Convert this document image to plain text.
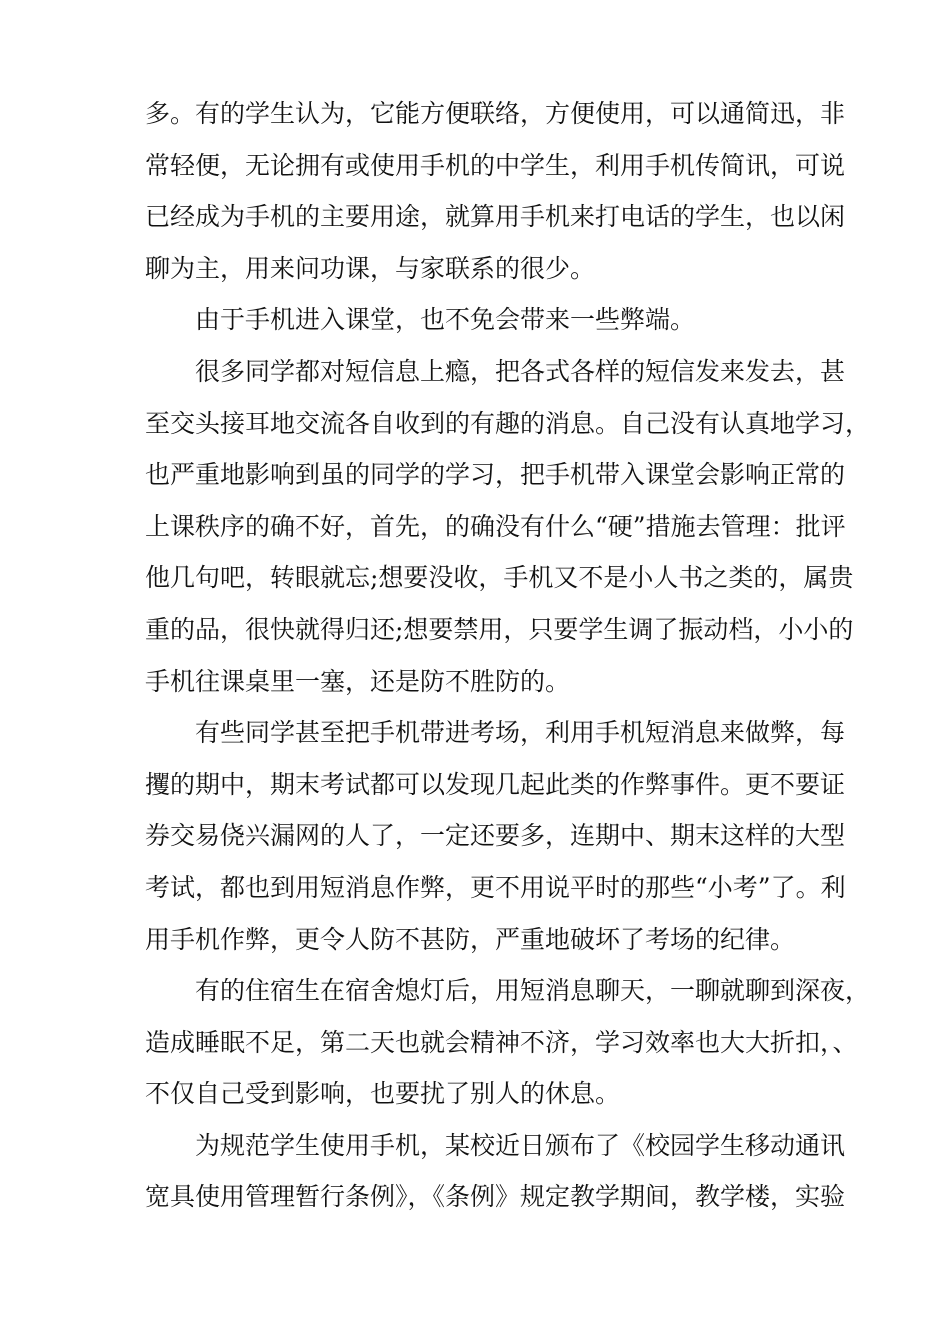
多。有的学生认为，它能方便联络，方便使用，可以通简迅，非
常轻便，无论拥有或使用手机的中学生，利用手机传简讯，可说
已经成为手机的主要用途，就算用手机来打电话的学生，也以闲
聊为主，用来问功课，与家联系的很少。

由于手机进入课堂，也不免会带来一些弊端。

很多同学都对短信息上瘾，把各式各样的短信发来发去，甚
至交头接耳地交流各自收到的有趣的消息。自己没有认真地学习，
也严重地影响到虽的同学的学习，把手机带入课堂会影响正常的
上课秩序的确不好，首先，的确没有什么“硬”措施去管理：批评
他几句吧，转眼就忘;想要没收，手机又不是小人书之类的，属贵
重的品，很快就得归还;想要禁用，只要学生调了振动档，小小的
手机往课桌里一塞，还是防不胜防的。

有些同学甚至把手机带进考场，利用手机短消息来做弊，每
攫的期中，期末考试都可以发现几起此类的作弊事件。更不要证
券交易侥兴漏网的人了，一定还要多，连期中、期末这样的大型
考试，都也到用短消息作弊，更不用说平时的那些“小考”了。利
用手机作弊，更令人防不甚防，严重地破坏了考场的纪律。

有的住宿生在宿舍熄灯后，用短消息聊天，一聊就聊到深夜，
造成睡眠不足，第二天也就会精神不济，学习效率也大大折扣，、
不仅自己受到影响，也要扰了别人的休息。

为规范学生使用手机，某校近日颁布了《校园学生移动通讯
宽具使用管理暂行条例》，《条例》规定教学期间，教学楼，实验
